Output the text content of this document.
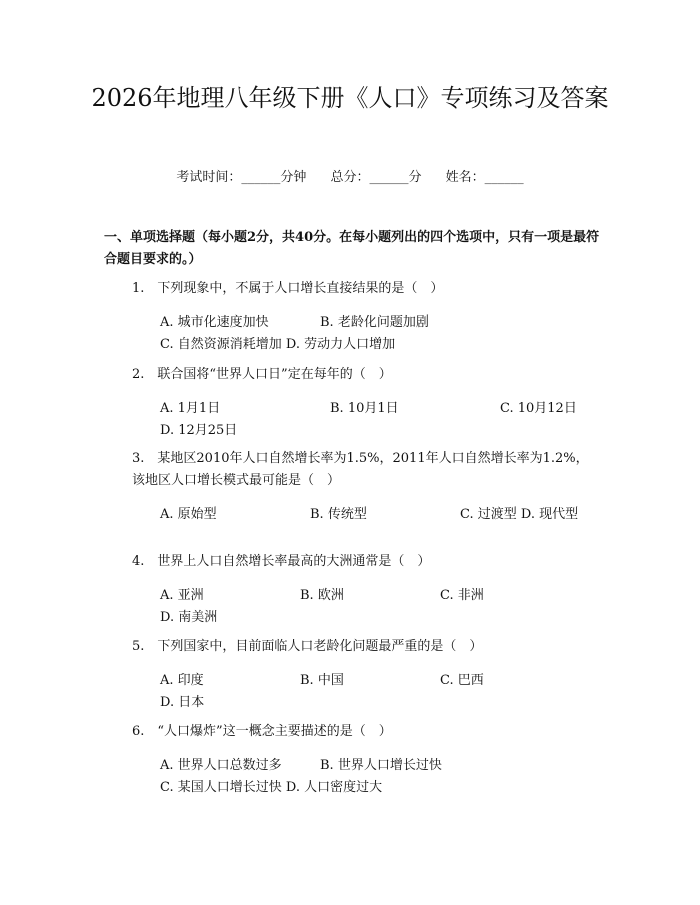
2026年地理八年级下册《人口》专项练习及答案
考试时间：______分钟 总分：______分 姓名：______
一、单项选择题（每小题2分，共40分。在每小题列出的四个选项中，只有一项是最符合题目要求的。）
1.　下列现象中，不属于人口增长直接结果的是（　）
A. 城市化速度加快	B. 老龄化问题加剧C. 自然资源消耗增加 D. 劳动力人口增加
2.　联合国将“世界人口日”定在每年的（　）
A. 1月1日	B. 10月1日	C. 10月12日 D. 12月25日
3.　某地区2010年人口自然增长率为1.5%，2011年人口自然增长率为1.2%，该地区人口增长模式最可能是（　）
A. 原始型	B. 传统型	C. 过渡型 D. 现代型
4.　世界上人口自然增长率最高的大洲通常是（　）
A. 亚洲	B. 欧洲	C. 非洲 D. 南美洲
5.　下列国家中，目前面临人口老龄化问题最严重的是（　）
A. 印度	B. 中国	C. 巴西 D. 日本
6.　“人口爆炸”这一概念主要描述的是（　）
A. 世界人口总数过多	B. 世界人口增长过快C. 某国人口增长过快 D. 人口密度过大
